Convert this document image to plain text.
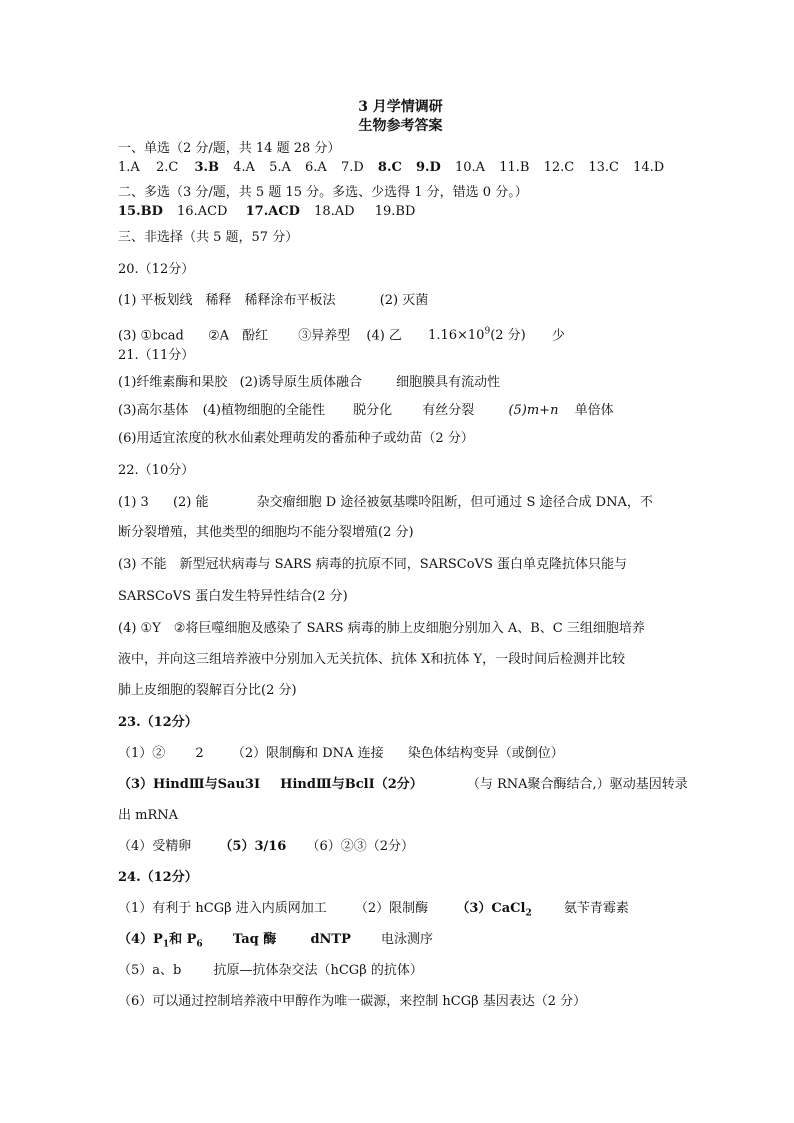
3 月学情调研

生物参考答案

一、单选（2 分/题，共 14 题 28 分）
1.A 2.C 3.B 4.A 5.A 6.A 7.D 8.C 9.D 10.A 11.B 12.C 13.C 14.D
二、多选（3 分/题，共 5 题 15 分。多选、少选得 1 分，错选 0 分。）
15.BD 16.ACD 17.ACD 18.AD 19.BD
三、非选择（共 5 题，57 分）
20.（12分）
(1) 平板划线　稀释　稀释涂布平板法	(2) 灭菌
(3) ①bcad ②A　酚红 ③异养型 (4) 乙 $1.16\times 10^9(2$ 分) 少
21.（11分）
(1)纤维素酶和果胶 (2)诱导原生质体融合	细胞膜具有流动性
(3)高尔基体 (4)植物细胞的全能性 脱分化 有丝分裂	(5)m+n 单倍体
(6)用适宜浓度的秋水仙素处理萌发的番茄种子或幼苗（2 分）
22.（10分）
(1) 3 (2) 能	杂交瘤细胞 D 途径被氨基喋呤阻断，但可通过 S 途径合成 DNA，不
断分裂增殖，其他类型的细胞均不能分裂增殖(2 分)
(3) 不能　新型冠状病毒与 SARS 病毒的抗原不同，SARSCoVS 蛋白单克隆抗体只能与
SARSCoVS 蛋白发生特异性结合(2 分)
(4) ①Y　②将巨噬细胞及感染了 SARS 病毒的肺上皮细胞分别加入 A、B、C 三组细胞培养
液中，并向这三组培养液中分别加入无关抗体、抗体 X和抗体 Y，一段时间后检测并比较
肺上皮细胞的裂解百分比(2 分)
23.（12分）
（1）② 2 （2）限制酶和 DNA 连接 染色体结构变异（或倒位）
（3）HindⅢ与Sau3I HindⅢ与BclI（2分）	（与 RNA聚合酶结合,）驱动基因转录
出 mRNA
（4）受精卵 （5）3/16 （6）②③（2分）
24.（12分）
（1）有利于 hCGβ 进入内质网加工 （2）限制酶 （3）CaCl$_2$ 氨苄青霉素
$(4)P_1$和 $P_6$ Taq 酶	dNTP 电泳测序
（5）a、b 抗原—抗体杂交法（hCGβ 的抗体）
（6）可以通过控制培养液中甲醇作为唯一碳源，来控制 hCGβ 基因表达（2 分）
